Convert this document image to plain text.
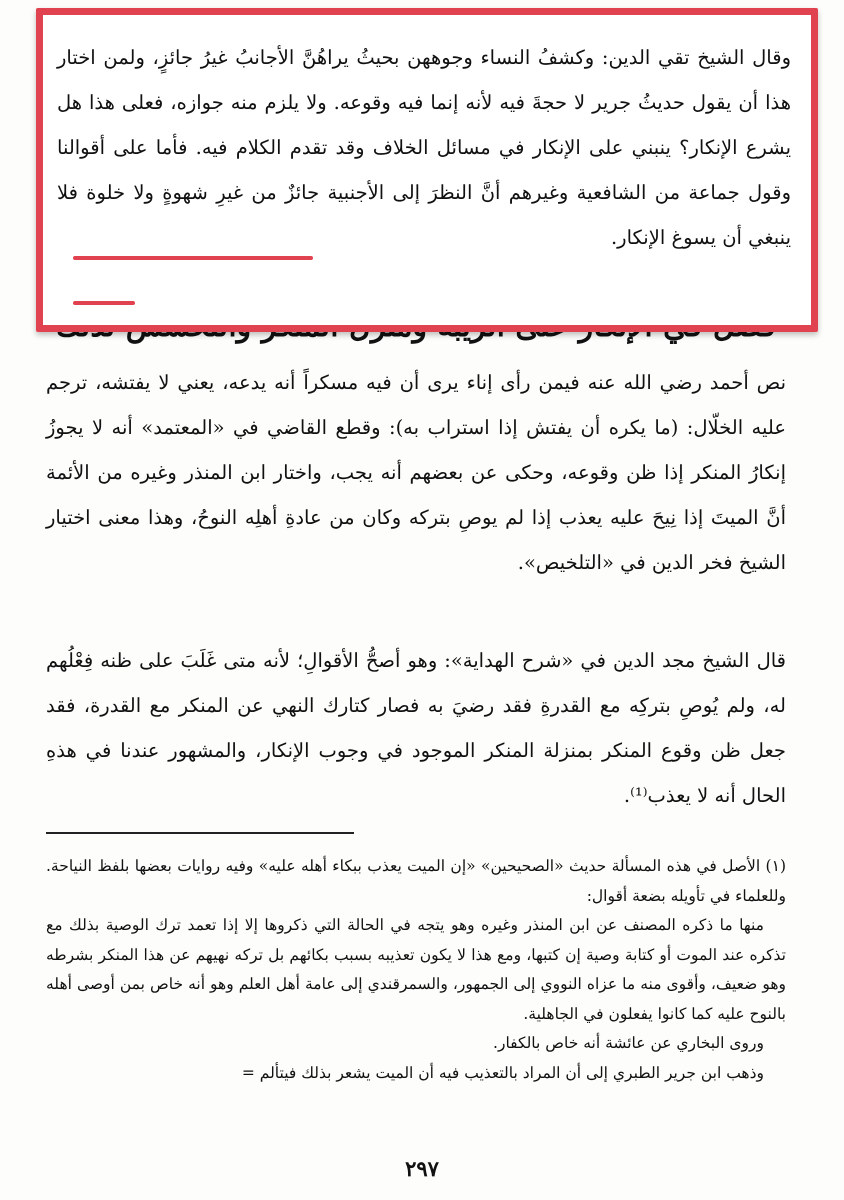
وقال الشيخ تقي الدين: وكشفُ النساء وجوههن بحيثُ يراهُنَّ الأجانبُ غيرُ جائزٍ، ولمن اختار هذا أن يقول حديثُ جرير لا حجةَ فيه لأنه إنما فيه وقوعه. ولا يلزم منه جوازه، فعلى هذا هل يشرع الإنكار؟ ينبني على الإنكار في مسائل الخلاف وقد تقدم الكلام فيه. فأما على أقوالنا وقول جماعة من الشافعية وغيرهم أنَّ النظرَ إلى الأجنبية جائزٌ من غيرِ شهوةٍ ولا خلوة فلا ينبغي أن يسوغ الإنكار.
نص أحمد رضي الله عنه فيمن رأى إناء يرى أن فيه مسكراً أنه يدعه، يعني لا يفتشه، ترجم عليه الخلّال: (ما يكره أن يفتش إذا استراب به): وقطع القاضي في «المعتمد» أنه لا يجوزُ إنكارُ المنكر إذا ظن وقوعه، وحكى عن بعضهم أنه يجب، واختار ابن المنذر وغيره من الأئمة أنَّ الميتَ إذا نِيحَ عليه يعذب إذا لم يوصِ بتركه وكان من عادةِ أهلِه النوحُ، وهذا معنى اختيار الشيخ فخر الدين في «التلخيص».
قال الشيخ مجد الدين في «شرح الهداية»: وهو أصحُّ الأقوالِ؛ لأنه متى غَلَبَ على ظنه فِعْلُهم له، ولم يُوصِ بتركِه مع القدرةِ فقد رضيَ به فصار كتارك النهي عن المنكر مع القدرة، فقد جعل ظن وقوع المنكر بمنزلة المنكر الموجود في وجوب الإنكار، والمشهور عندنا في هذهِ الحال أنه لا يعذب⁽¹⁾.
(١) الأصل في هذه المسألة حديث «الصحيحين» «إن الميت يعذب ببكاء أهله عليه» وفيه روايات بعضها بلفظ النياحة. وللعلماء في تأويله بضعة أقوال:
منها ما ذكره المصنف عن ابن المنذر وغيره وهو يتجه في الحالة التي ذكروها إلا إذا تعمد ترك الوصية بذلك مع تذكره عند الموت أو كتابة وصية إن كتبها، ومع هذا لا يكون تعذيبه بسبب بكائهم بل تركه نهيهم عن هذا المنكر بشرطه وهو ضعيف، وأقوى منه ما عزاه النووي إلى الجمهور، والسمرقندي إلى عامة أهل العلم وهو أنه خاص بمن أوصى أهله بالنوح عليه كما كانوا يفعلون في الجاهلية.
وروى البخاري عن عائشة أنه خاص بالكفار.
وذهب ابن جرير الطبري إلى أن المراد بالتعذيب فيه أن الميت يشعر بذلك فيتألم =
٢٩٧
